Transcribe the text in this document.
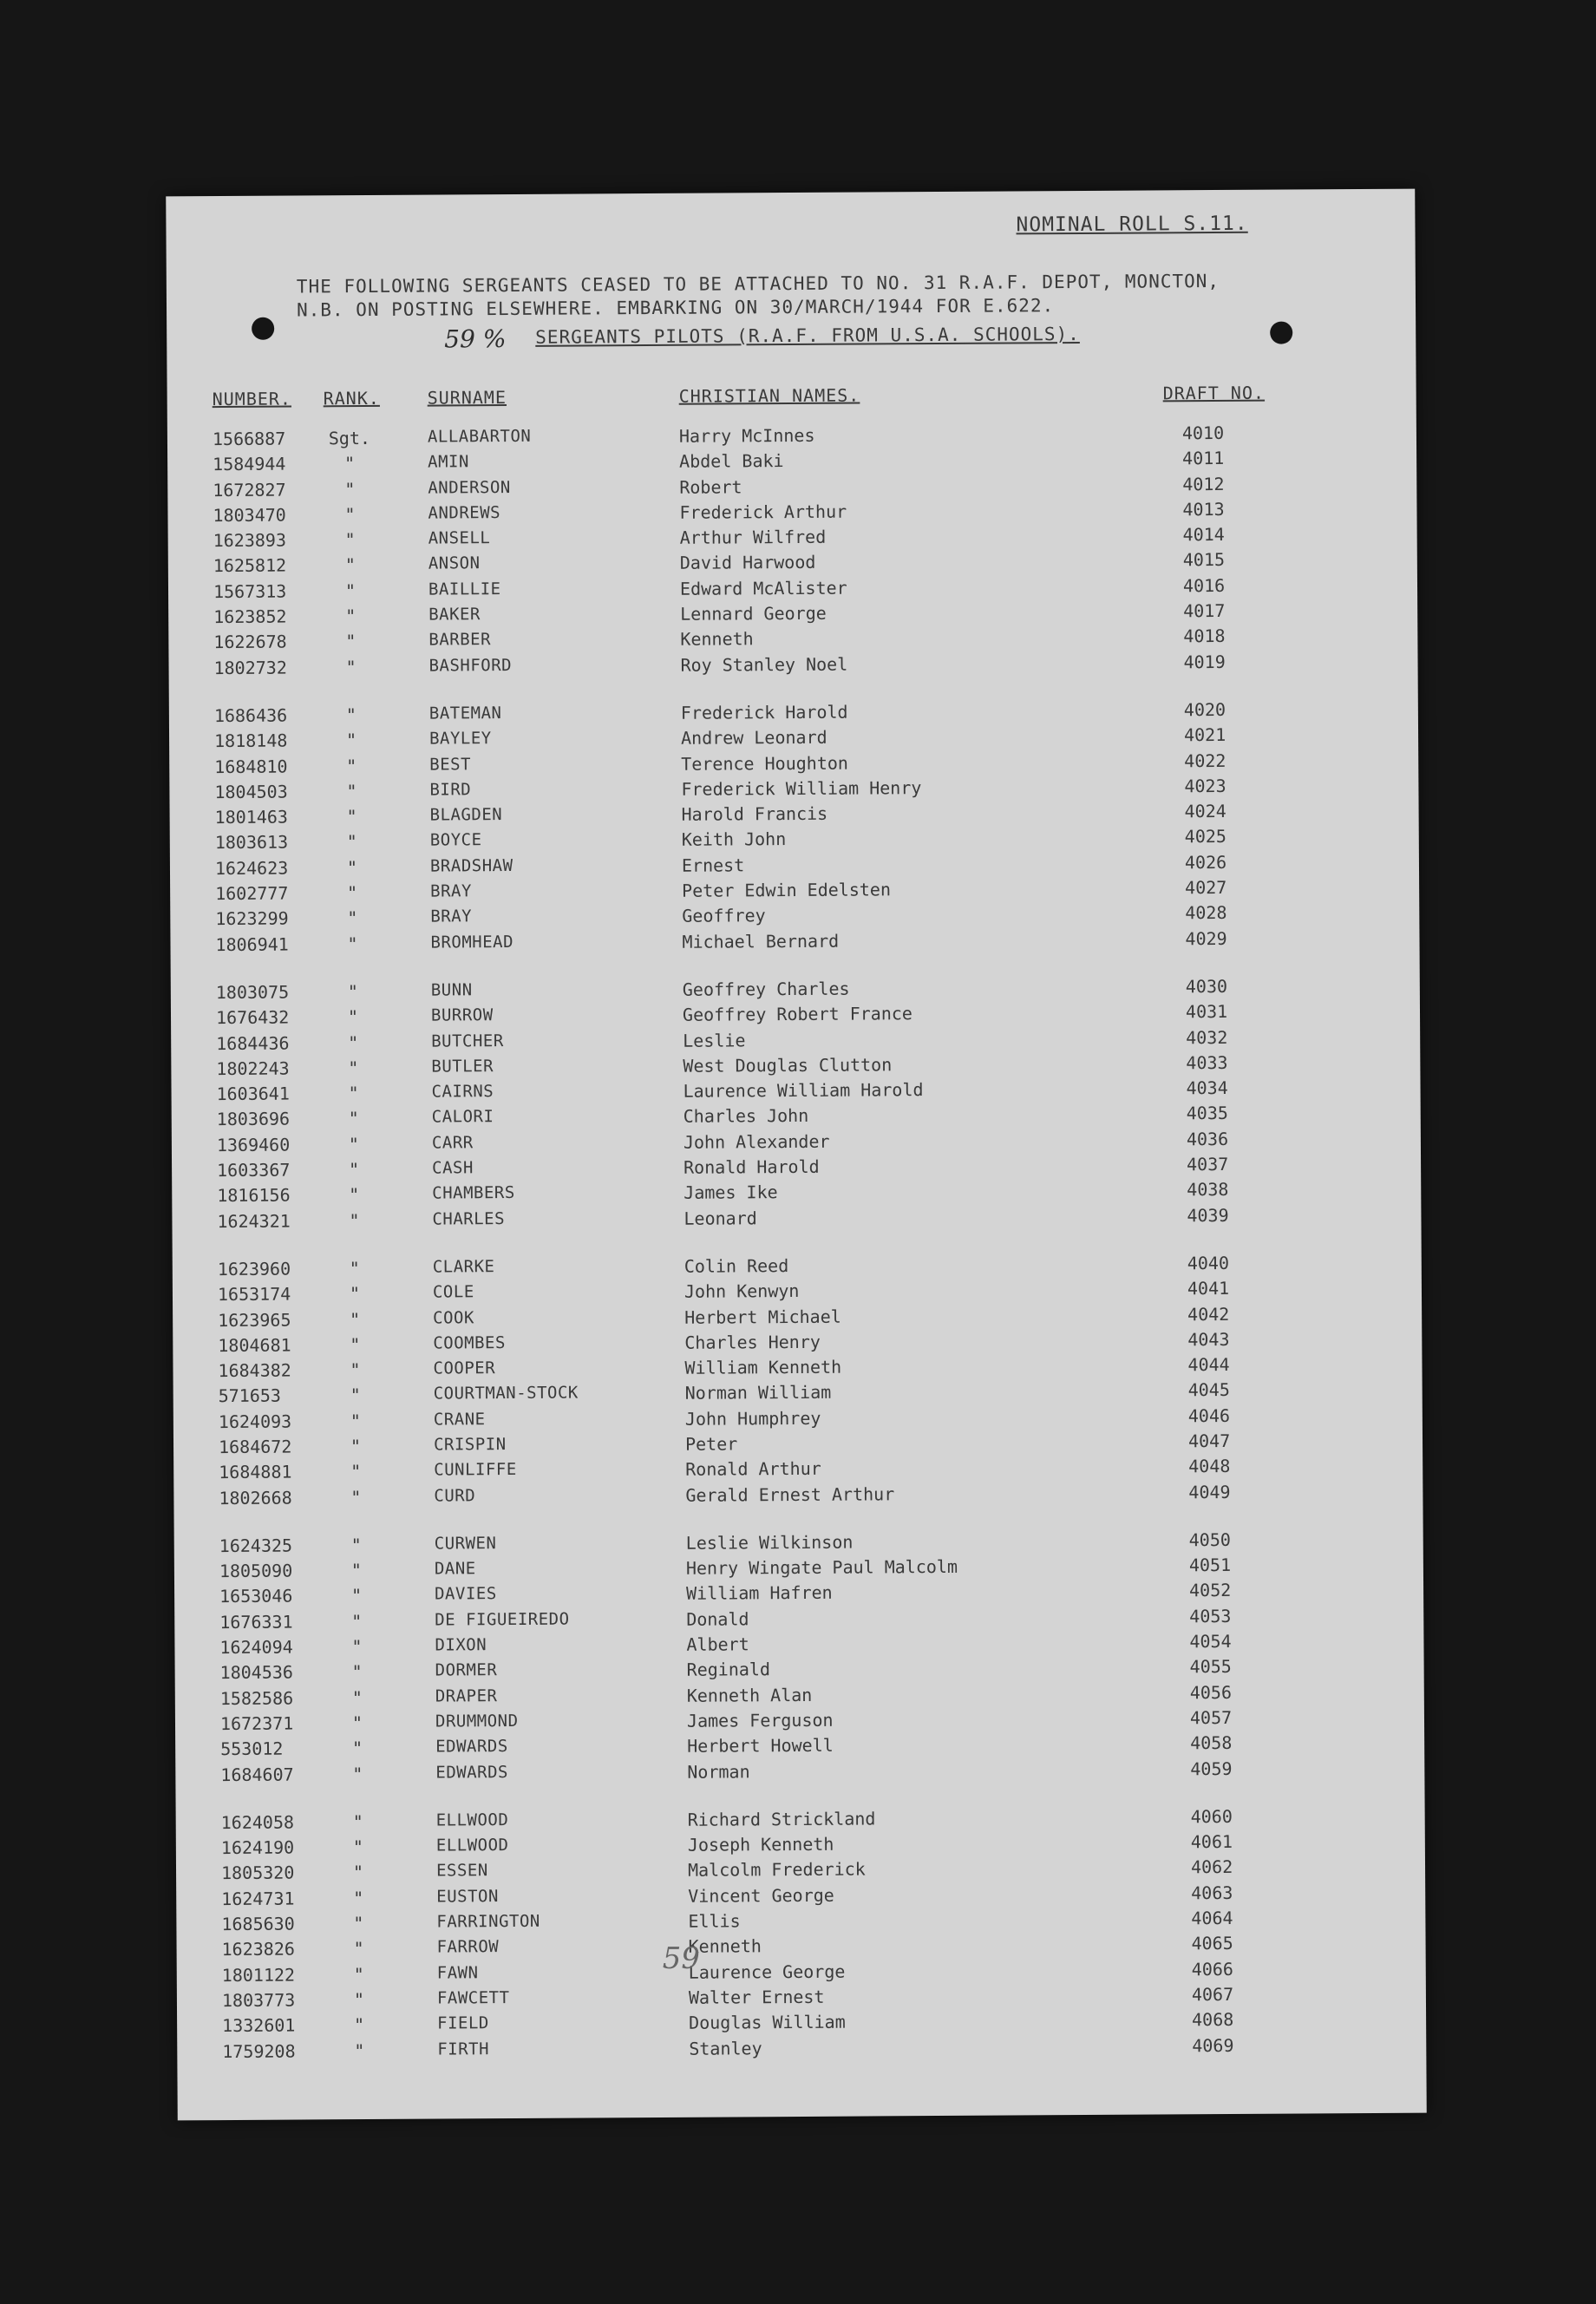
NOMINAL ROLL S.11.
THE FOLLOWING SERGEANTS CEASED TO BE ATTACHED TO NO. 31 R.A.F. DEPOT, MONCTON,
N.B. ON POSTING ELSEWHERE. EMBARKING ON 30/MARCH/1944 FOR E.622.
59 % SERGEANTS PILOTS (R.A.F. FROM U.S.A. SCHOOLS).
NUMBER. RANK.	SURNAME	CHRISTIAN NAMES.	DRAFT NO.
1566887 Sgt.	ALLABARTON	Harry McInnes	4010
1584944	"	AMIN	Abdel Baki	4011
1672827	"	ANDERSON	Robert	4012
1803470	"	ANDREWS	Frederick Arthur	4013
1623893	"	ANSELL	Arthur Wilfred	4014
1625812	"	ANSON	David Harwood	4015
1567313	"	BAILLIE	Edward McAlister	4016
1623852	"	BAKER	Lennard George	4017
1622678	"	BARBER	Kenneth	4018
1802732	"	BASHFORD	Roy Stanley Noel	4019
1686436	"	BATEMAN	Frederick Harold	4020
1818148	"	BAYLEY	Andrew Leonard	4021
1684810	"	BEST	Terence Houghton	4022
1804503	"	BIRD	Frederick William Henry	4023
1801463	"	BLAGDEN	Harold Francis	4024
1803613	"	BOYCE	Keith John	4025
1624623	"	BRADSHAW	Ernest	4026
1602777	"	BRAY	Peter Edwin Edelsten	4027
1623299	"	BRAY	Geoffrey	4028
1806941	"	BROMHEAD	Michael Bernard	4029
1803075	"	BUNN	Geoffrey Charles	4030
1676432	"	BURROW	Geoffrey Robert France	4031
1684436	"	BUTCHER	Leslie	4032
1802243	"	BUTLER	West Douglas Clutton	4033
1603641	"	CAIRNS	Laurence William Harold	4034
1803696	"	CALORI	Charles John	4035
1369460	"	CARR	John Alexander	4036
1603367	"	CASH	Ronald Harold	4037
1816156	"	CHAMBERS	James Ike	4038
1624321	"	CHARLES	Leonard	4039
1623960	"	CLARKE	Colin Reed	4040
1653174	"	COLE	John Kenwyn	4041
1623965	"	COOK	Herbert Michael	4042
1804681	"	COOMBES	Charles Henry	4043
1684382	"	COOPER	William Kenneth	4044
571653	"	COURTMAN-STOCK	Norman William	4045
1624093	"	CRANE	John Humphrey	4046
1684672	"	CRISPIN	Peter	4047
1684881	"	CUNLIFFE	Ronald Arthur	4048
1802668	"	CURD	Gerald Ernest Arthur	4049
1624325	"	CURWEN	Leslie Wilkinson	4050
1805090	"	DANE	Henry Wingate Paul Malcolm	4051
1653046	"	DAVIES	William Hafren	4052
1676331	"	DE FIGUEIREDO	Donald	4053
1624094	"	DIXON	Albert	4054
1804536	"	DORMER	Reginald	4055
1582586	"	DRAPER	Kenneth Alan	4056
1672371	"	DRUMMOND	James Ferguson	4057
553012	"	EDWARDS	Herbert Howell	4058
1684607	"	EDWARDS	Norman	4059
1624058	"	ELLWOOD	Richard Strickland	4060
1624190	"	ELLWOOD	Joseph Kenneth	4061
1805320	"	ESSEN	Malcolm Frederick	4062
1624731	"	EUSTON	Vincent George	4063
1685630	"	FARRINGTON	Ellis	4064
1623826	"	FARROW	Kenneth	4065
1801122	"	FAWN	Laurence George	4066
1803773	"	FAWCETT	Walter Ernest	4067
1332601	"	FIELD	Douglas William	4068
1759208	"	FIRTH	Stanley	4069
59
